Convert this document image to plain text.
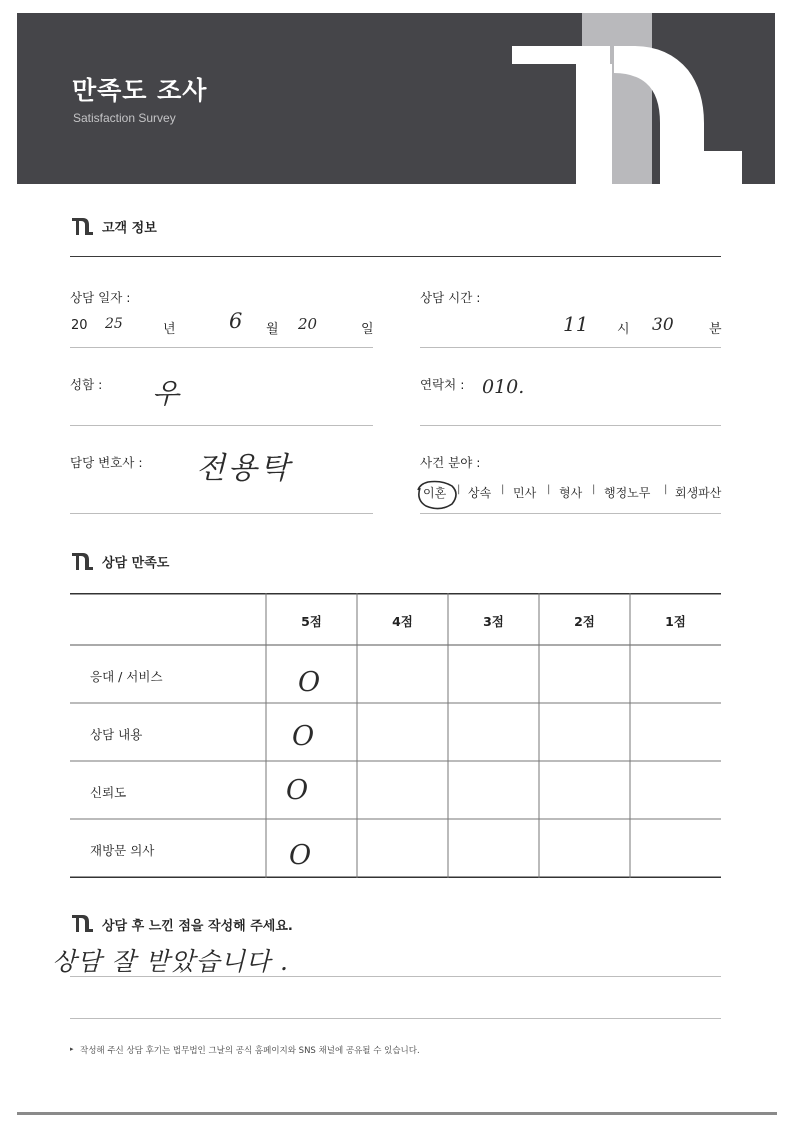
만족도 조사
Satisfaction Survey
고객 정보
상담 일자 :
20 25	년	6 월 20	일
상담 시간 :
11 시 30	분
성함 : 우	연락처 : 010.
담당 변호사 : 전용탁	사건 분야 :
이혼 | 상속 | 민사 | 형사 | 행정노무 | 회생파산
상담 만족도
5점	4점	3점	2점	1점
응대 / 서비스	O
상담 내용	O
신뢰도	O
재방문 의사	O
상담 후 느낀 점을 작성해 주세요.
상담 잘 받았습니다 .
▸ 작성해 주신 상담 후기는 법무법인 그날의 공식 홈페이지와 SNS 채널에 공유될 수 있습니다.
